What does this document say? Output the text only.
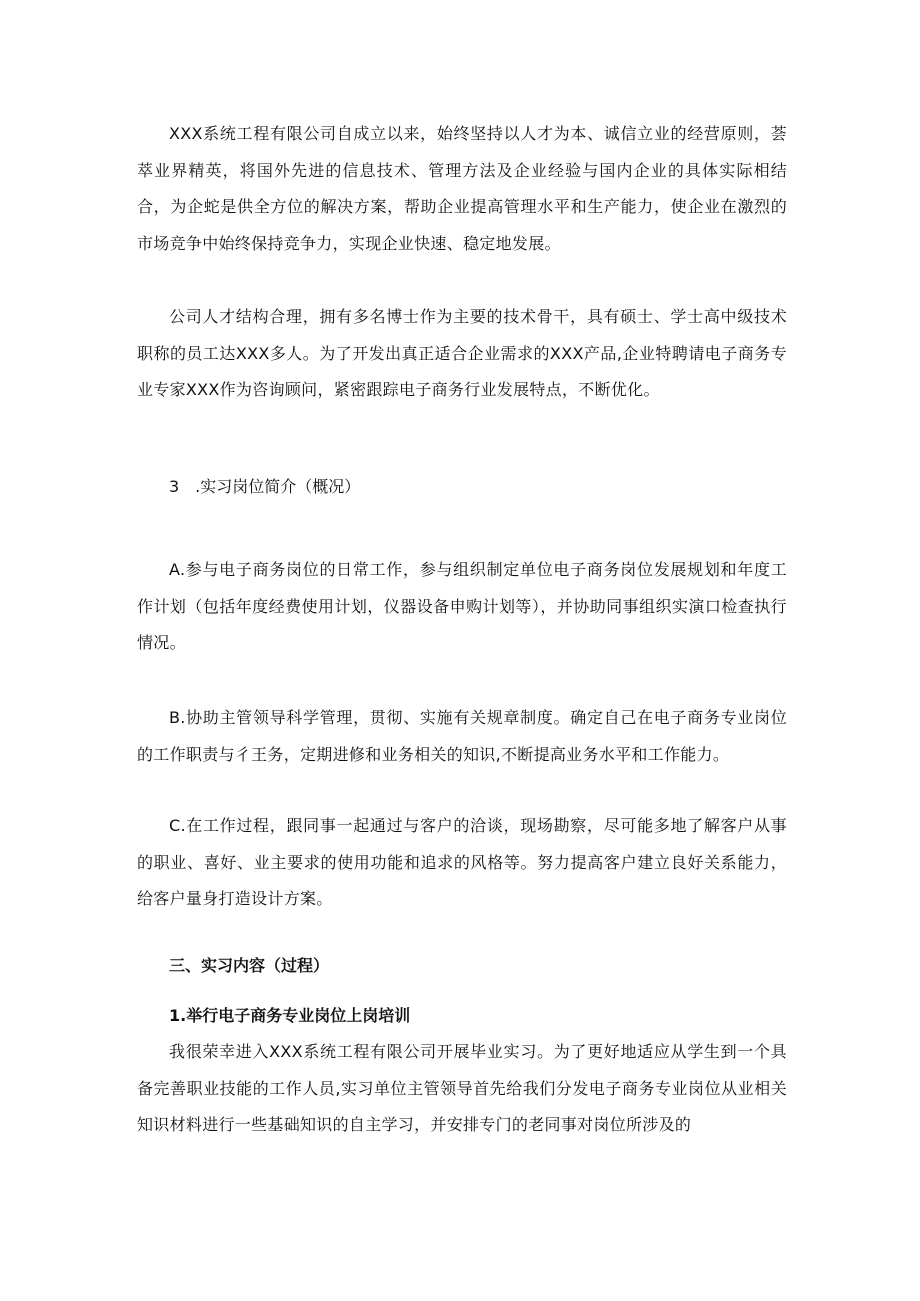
XXX系统工程有限公司自成立以来，始终坚持以人才为本、诚信立业的经营原则，荟萃业界精英，将国外先进的信息技术、管理方法及企业经验与国内企业的具体实际相结合，为企蛇是供全方位的解决方案，帮助企业提高管理水平和生产能力，使企业在激烈的市场竞争中始终保持竞争力，实现企业快速、稳定地发展。

公司人才结构合理，拥有多名博士作为主要的技术骨干，具有硕士、学士高中级技术职称的员工达XXX多人。为了开发出真正适合企业需求的XXX产品,企业特聘请电子商务专业专家XXX作为咨询顾问，紧密跟踪电子商务行业发展特点，不断优化。

3　.实习岗位简介（概况）

A.参与电子商务岗位的日常工作，参与组织制定单位电子商务岗位发展规划和年度工作计划（包括年度经费使用计划，仪器设备申购计划等），并协助同事组织实演口检查执行情况。

B.协助主管领导科学管理，贯彻、实施有关规章制度。确定自己在电子商务专业岗位的工作职责与彳王务，定期进修和业务相关的知识,不断提高业务水平和工作能力。

C.在工作过程，跟同事一起通过与客户的洽谈，现场勘察，尽可能多地了解客户从事的职业、喜好、业主要求的使用功能和追求的风格等。努力提高客户建立良好关系能力，给客户量身打造设计方案。

三、实习内容（过程）

1.举行电子商务专业岗位上岗培训

我很荣幸进入XXX系统工程有限公司开展毕业实习。为了更好地适应从学生到一个具备完善职业技能的工作人员,实习单位主管领导首先给我们分发电子商务专业岗位从业相关知识材料进行一些基础知识的自主学习，并安排专门的老同事对岗位所涉及的
